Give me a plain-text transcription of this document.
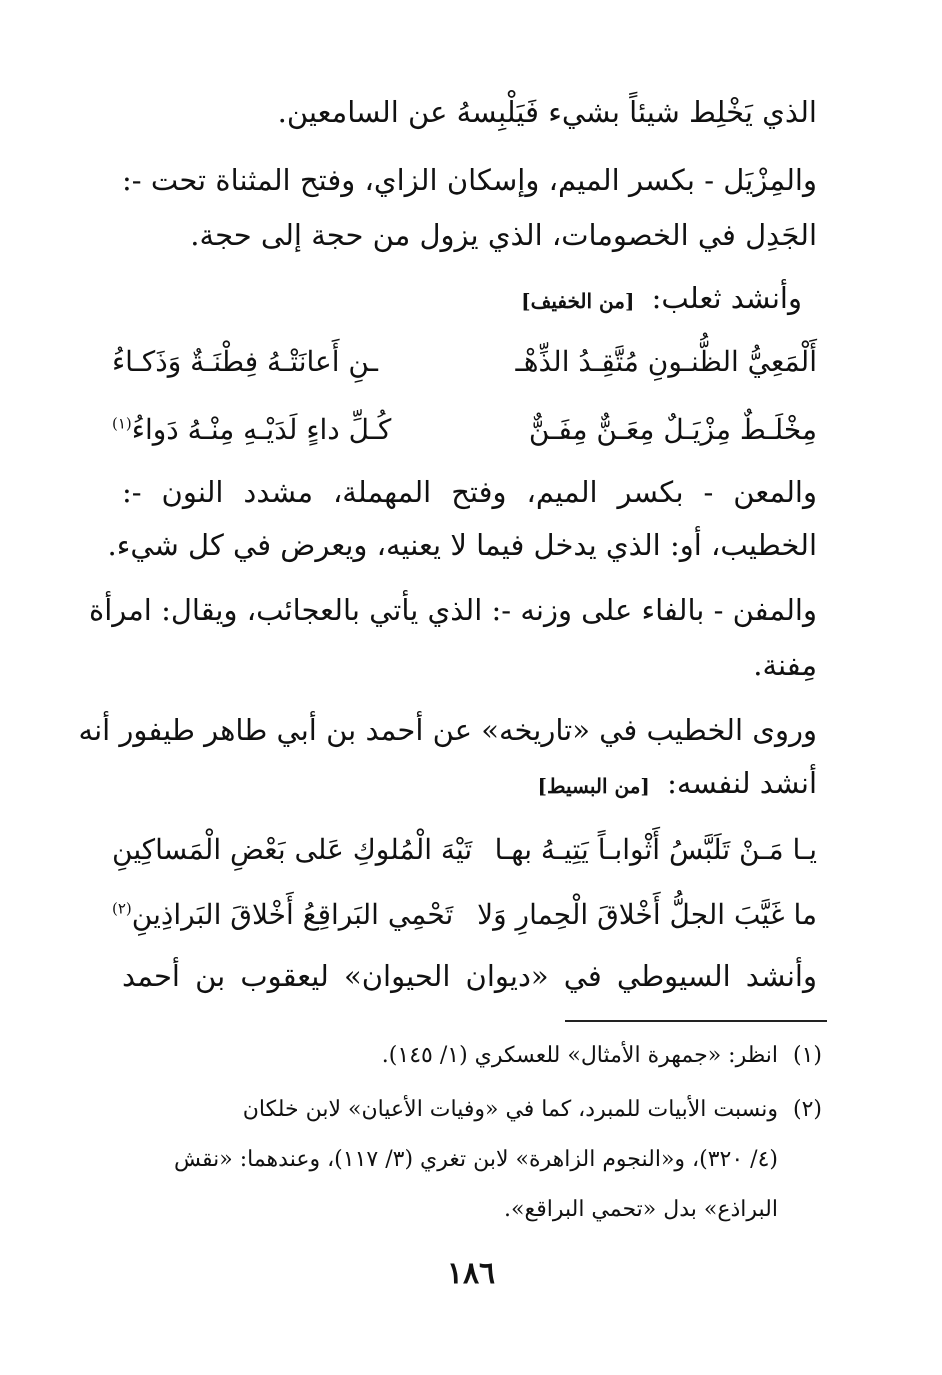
الذي يَخْلِط شيئاً بشيء فَيَلْبِسهُ عن السامعين.
والمِزْيَل - بكسر الميم، وإسكان الزاي، وفتح المثناة تحت -:
الجَدِل في الخصومات، الذي يزول من حجة إلى حجة.
وأنشد ثعلب: [من الخفيف]
أَلْمَعِيُّ الظُّنـونِ مُتَّقِـدُ الذِّهْـ
ـنِ أَعانَتْـهُ فِطْنَـةٌ وَذَكـاءُ
مِخْلَـطٌ مِزْيَـلٌ مِعَـنٌّ مِفَـنٌّ
كُـلِّ داءٍ لَدَيْـهِ مِنْـهُ دَواءُ$^{(١)}$
والمعن - بكسر الميم، وفتح المهملة، مشدد النون -:
الخطيب، أو: الذي يدخل فيما لا يعنيه، ويعرض في كل شيء.
والمفن - بالفاء على وزنه -: الذي يأتي بالعجائب، ويقال: امرأة
مِفنة.
وروى الخطيب في «تاريخه» عن أحمد بن أبي طاهر طيفور أنه
أنشد لنفسه: [من البسيط]
يـا مَـنْ تَلَبَّسُ أَثْوابـاً يَتِيـهُ بهـا
تَيْهَ الْمُلوكِ عَلى بَعْضِ الْمَساكِينِ
ما غَيَّبَ الجلُّ أَخْلاقَ الْحِمارِ وَلا
تَحْمِي البَراقِعُ أَخْلاقَ البَراذِينِ$^{(٢)}$
وأنشد السيوطي في «ديوان الحيوان» ليعقوب بن أحمد
(١)انظر: «جمهرة الأمثال» للعسكري (١/ ١٤٥).
(٢)ونسبت الأبيات للمبرد، كما في «وفيات الأعيان» لابن خلكان
(٤/ ٣٢٠)، و«النجوم الزاهرة» لابن تغري (٣/ ١١٧)، وعندهما: «نقش
البراذع» بدل «تحمي البراقع».
١٨٦
